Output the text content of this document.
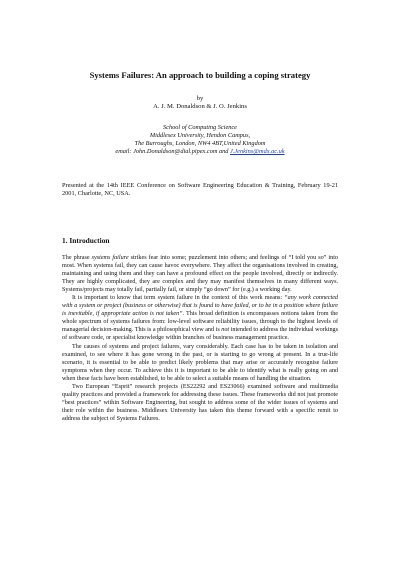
Systems Failures: An approach to building a coping strategy
by
A. J. M. Donaldson & J. O. Jenkins
School of Computing Science
Middlesex University, Hendon Campus,
The Burroughs, London, NW4 4BT,United Kingdom
email: John.Donaldson@dial.pipex.com and J.Jenkins@mdx.ac.uk
Presented at the 14th IEEE Conference on Software Engineering Education & Training, February 19-21 2001, Charlotte, NC, USA.
1. Introduction

The phrase systems failure strikes fear into some; puzzlement into others; and feelings of “I told you so” into most. When systems fail, they can cause havoc everywhere. They affect the organisations involved in creating, maintaining and using them and they can have a profound effect on the people involved, directly or indirectly. They are highly complicated, they are complex and they may manifest themselves in many different ways. Systems/projects may totally fail, partially fail, or simply “go down” for (e.g.) a working day.

It is important to know that term system failure in the context of this work means: “any work connected with a system or project (business or otherwise) that is found to have failed, or to be in a position where failure is inevitable, if appropriate action is not taken”. This broad definition is encompasses notions taken from the whole spectrum of systems failures from: low-level software reliability issues, through to the highest levels of managerial decision-making. This is a philosophical view and is not intended to address the individual workings of software code, or specialist knowledge within branches of business management practice.

The causes of systems and project failures, vary considerably. Each case has to be taken in isolation and examined, to see where it has gone wrong in the past, or is starting to go wrong at present. In a true-life scenario, it is essential to be able to predict likely problems that may arise or accurately recognise failure symptoms when they occur. To achieve this it is important to be able to identify what is really going on and when these facts have been established, to be able to select a suitable means of handling the situation.

Two European “Esprit” research projects (ES22292 and ES23066) examined software and multimedia quality practices and provided a framework for addressing these issues. These frameworks did not just promote “best practices” within Software Engineering, but sought to address some of the wider issues of systems and their role within the business. Middlesex University has taken this theme forward with a specific remit to address the subject of Systems Failures.
